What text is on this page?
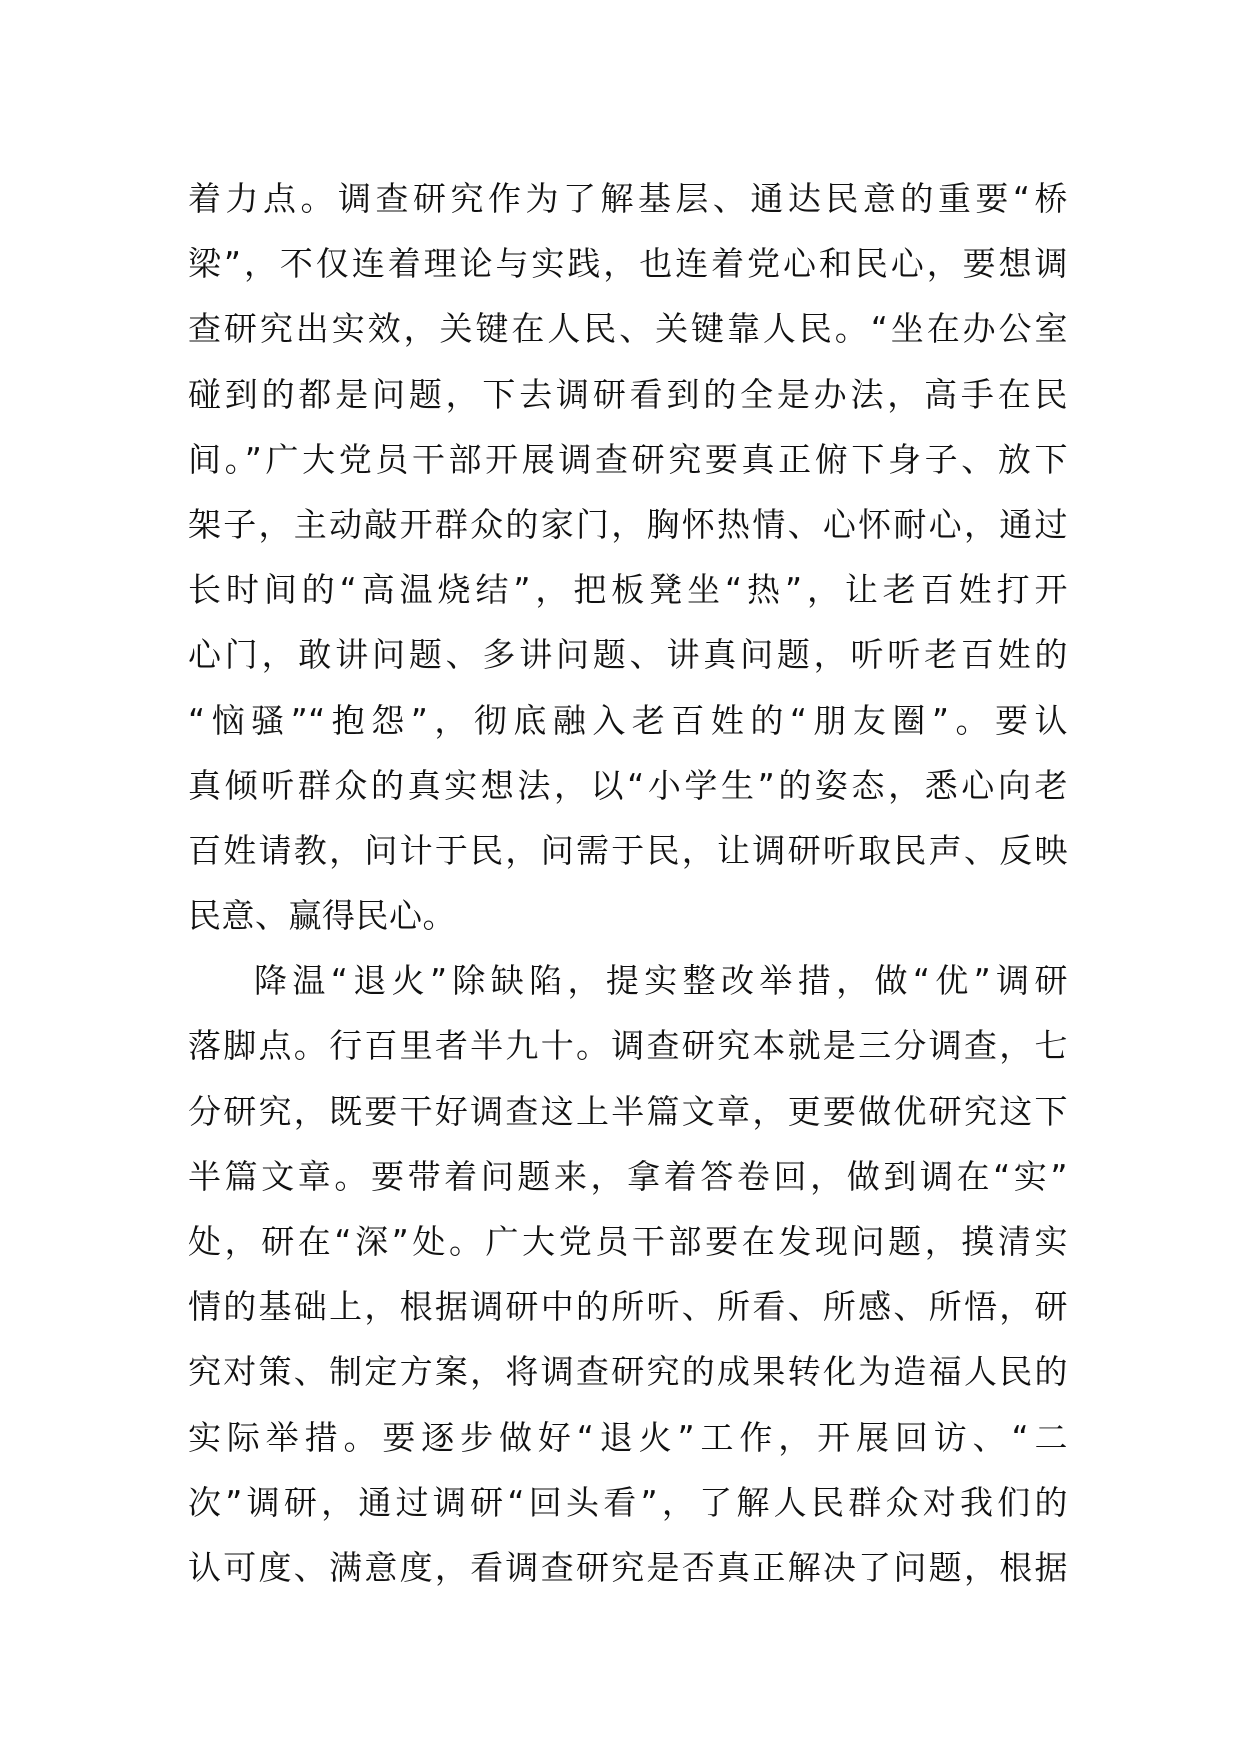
着力点。调查研究作为了解基层、通达民意的重要“桥
梁”，不仅连着理论与实践，也连着党心和民心，要想调
查研究出实效，关键在人民、关键靠人民。“坐在办公室
碰到的都是问题，下去调研看到的全是办法，高手在民
间。”广大党员干部开展调查研究要真正俯下身子、放下
架子，主动敲开群众的家门，胸怀热情、心怀耐心，通过
长时间的“高温烧结”，把板凳坐“热”，让老百姓打开
心门，敢讲问题、多讲问题、讲真问题，听听老百姓的
“恼骚”“抱怨”，彻底融入老百姓的“朋友圈”。要认
真倾听群众的真实想法，以“小学生”的姿态，悉心向老
百姓请教，问计于民，问需于民，让调研听取民声、反映
民意、赢得民心。
降温“退火”除缺陷，提实整改举措，做“优”调研
落脚点。行百里者半九十。调查研究本就是三分调查，七
分研究，既要干好调查这上半篇文章，更要做优研究这下
半篇文章。要带着问题来，拿着答卷回，做到调在“实”
处，研在“深”处。广大党员干部要在发现问题，摸清实
情的基础上，根据调研中的所听、所看、所感、所悟，研
究对策、制定方案，将调查研究的成果转化为造福人民的
实际举措。要逐步做好“退火”工作，开展回访、“二
次”调研，通过调研“回头看”，了解人民群众对我们的
认可度、满意度，看调查研究是否真正解决了问题，根据
